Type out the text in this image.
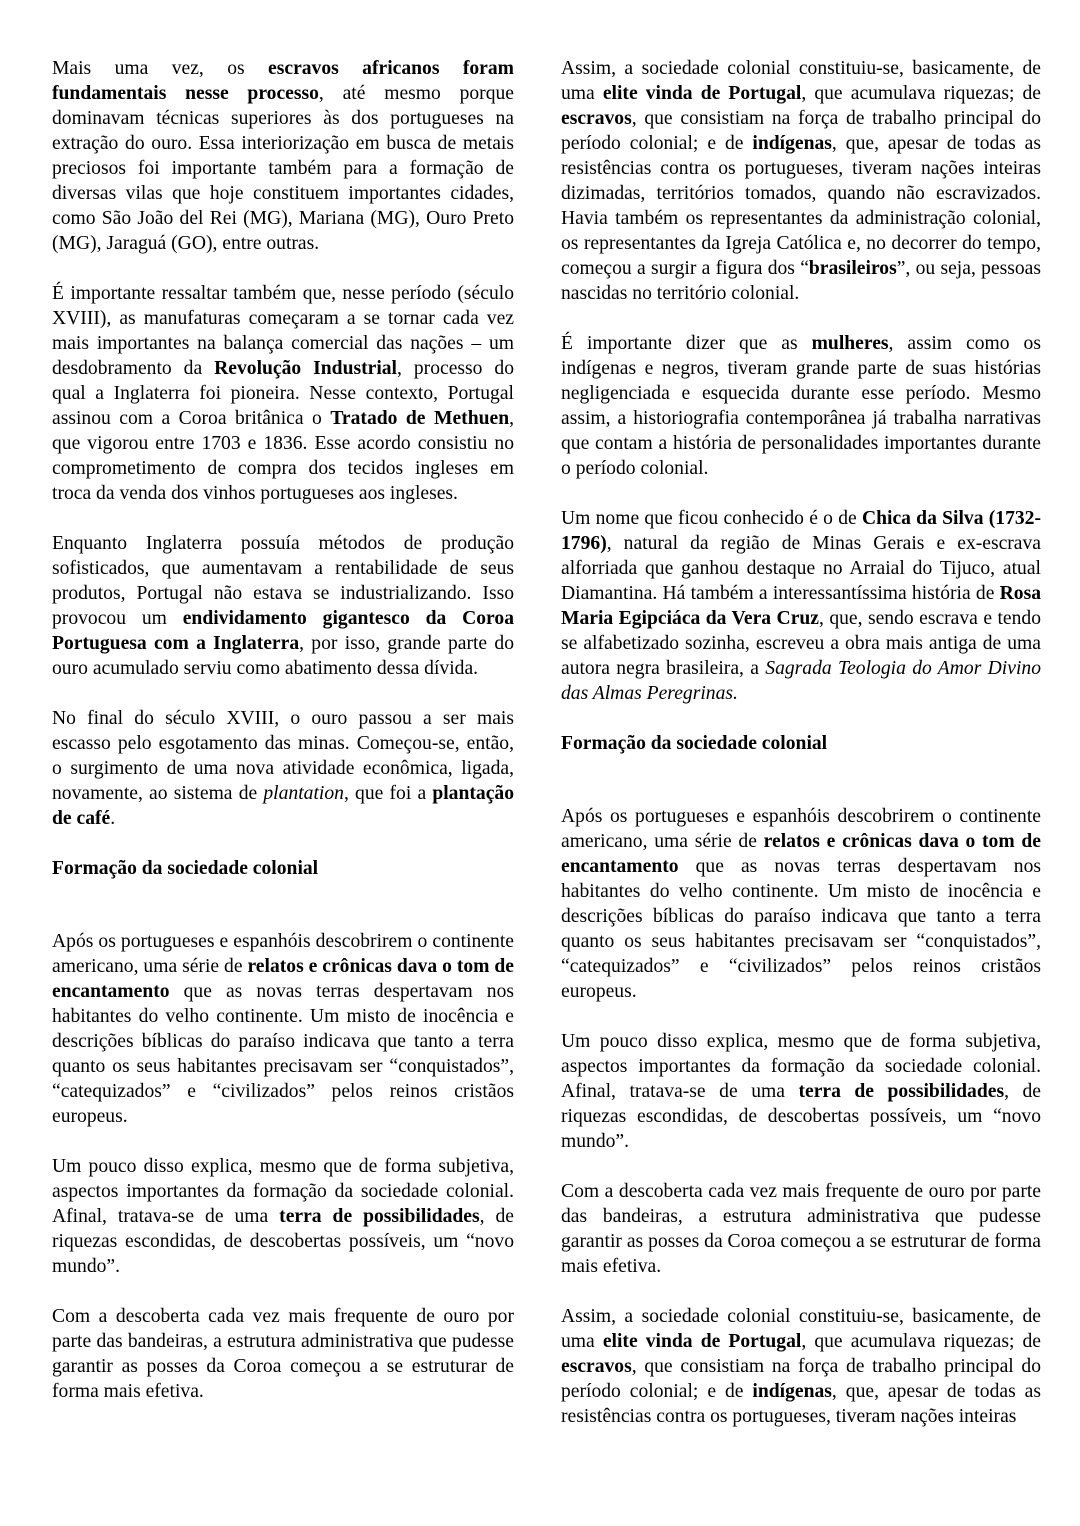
Mais uma vez, os escravos africanos foram fundamentais nesse processo, até mesmo porque dominavam técnicas superiores às dos portugueses na extração do ouro. Essa interiorização em busca de metais preciosos foi importante também para a formação de diversas vilas que hoje constituem importantes cidades, como São João del Rei (MG), Mariana (MG), Ouro Preto (MG), Jaraguá (GO), entre outras.

É importante ressaltar também que, nesse período (século XVIII), as manufaturas começaram a se tornar cada vez mais importantes na balança comercial das nações – um desdobramento da Revolução Industrial, processo do qual a Inglaterra foi pioneira. Nesse contexto, Portugal assinou com a Coroa britânica o Tratado de Methuen, que vigorou entre 1703 e 1836. Esse acordo consistiu no comprometimento de compra dos tecidos ingleses em troca da venda dos vinhos portugueses aos ingleses.

Enquanto Inglaterra possuía métodos de produção sofisticados, que aumentavam a rentabilidade de seus produtos, Portugal não estava se industrializando. Isso provocou um endividamento gigantesco da Coroa Portuguesa com a Inglaterra, por isso, grande parte do ouro acumulado serviu como abatimento dessa dívida.

No final do século XVIII, o ouro passou a ser mais escasso pelo esgotamento das minas. Começou-se, então, o surgimento de uma nova atividade econômica, ligada, novamente, ao sistema de plantation, que foi a plantação de café.

Formação da sociedade colonial

Após os portugueses e espanhóis descobrirem o continente americano, uma série de relatos e crônicas dava o tom de encantamento que as novas terras despertavam nos habitantes do velho continente. Um misto de inocência e descrições bíblicas do paraíso indicava que tanto a terra quanto os seus habitantes precisavam ser “conquistados”, “catequizados” e “civilizados” pelos reinos cristãos europeus.

Um pouco disso explica, mesmo que de forma subjetiva, aspectos importantes da formação da sociedade colonial. Afinal, tratava-se de uma terra de possibilidades, de riquezas escondidas, de descobertas possíveis, um “novo mundo”.

Com a descoberta cada vez mais frequente de ouro por parte das bandeiras, a estrutura administrativa que pudesse garantir as posses da Coroa começou a se estruturar de forma mais efetiva.

Assim, a sociedade colonial constituiu-se, basicamente, de uma elite vinda de Portugal, que acumulava riquezas; de escravos, que consistiam na força de trabalho principal do período colonial; e de indígenas, que, apesar de todas as resistências contra os portugueses, tiveram nações inteiras dizimadas, territórios tomados, quando não escravizados. Havia também os representantes da administração colonial, os representantes da Igreja Católica e, no decorrer do tempo, começou a surgir a figura dos “brasileiros”, ou seja, pessoas nascidas no território colonial.

É importante dizer que as mulheres, assim como os indígenas e negros, tiveram grande parte de suas histórias negligenciada e esquecida durante esse período. Mesmo assim, a historiografia contemporânea já trabalha narrativas que contam a história de personalidades importantes durante o período colonial.

Um nome que ficou conhecido é o de Chica da Silva (1732-1796), natural da região de Minas Gerais e ex-escrava alforriada que ganhou destaque no Arraial do Tijuco, atual Diamantina. Há também a interessantíssima história de Rosa Maria Egipciáca da Vera Cruz, que, sendo escrava e tendo se alfabetizado sozinha, escreveu a obra mais antiga de uma autora negra brasileira, a Sagrada Teologia do Amor Divino das Almas Peregrinas.

Formação da sociedade colonial

Após os portugueses e espanhóis descobrirem o continente americano, uma série de relatos e crônicas dava o tom de encantamento que as novas terras despertavam nos habitantes do velho continente. Um misto de inocência e descrições bíblicas do paraíso indicava que tanto a terra quanto os seus habitantes precisavam ser “conquistados”, “catequizados” e “civilizados” pelos reinos cristãos europeus.

Um pouco disso explica, mesmo que de forma subjetiva, aspectos importantes da formação da sociedade colonial. Afinal, tratava-se de uma terra de possibilidades, de riquezas escondidas, de descobertas possíveis, um “novo mundo”.

Com a descoberta cada vez mais frequente de ouro por parte das bandeiras, a estrutura administrativa que pudesse garantir as posses da Coroa começou a se estruturar de forma mais efetiva.

Assim, a sociedade colonial constituiu-se, basicamente, de uma elite vinda de Portugal, que acumulava riquezas; de escravos, que consistiam na força de trabalho principal do período colonial; e de indígenas, que, apesar de todas as resistências contra os portugueses, tiveram nações inteiras
